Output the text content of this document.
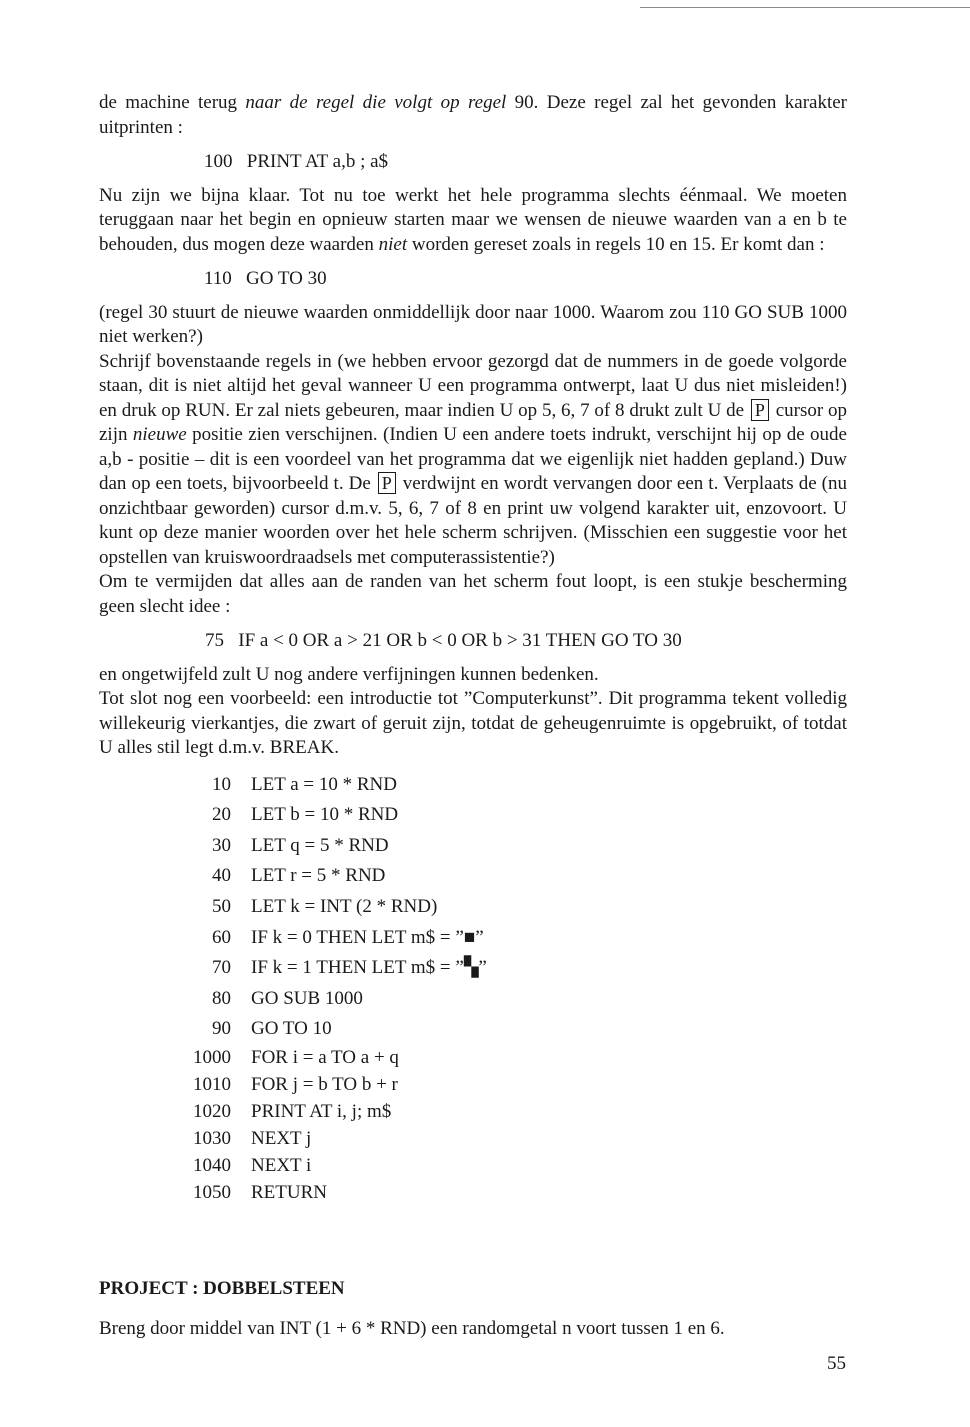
de machine terug naar de regel die volgt op regel 90. Deze regel zal het gevonden karakter uitprinten :

100   PRINT AT a,b ; a$

Nu zijn we bijna klaar. Tot nu toe werkt het hele programma slechts éénmaal. We moeten teruggaan naar het begin en opnieuw starten maar we wensen de nieuwe waarden van a en b te behouden, dus mogen deze waarden niet worden gereset zoals in regels 10 en 15. Er komt dan :

110   GO TO 30

(regel 30 stuurt de nieuwe waarden onmiddellijk door naar 1000. Waarom zou 110 GO SUB 1000 niet werken?)

Schrijf bovenstaande regels in (we hebben ervoor gezorgd dat de nummers in de goede volgorde staan, dit is niet altijd het geval wanneer U een programma ontwerpt, laat U dus niet misleiden!) en druk op RUN. Er zal niets gebeuren, maar indien U op 5, 6, 7 of 8 drukt zult U de P cursor op zijn nieuwe positie zien verschijnen. (Indien U een andere toets indrukt, verschijnt hij op de oude a,b - positie – dit is een voordeel van het programma dat we eigenlijk niet hadden gepland.) Duw dan op een toets, bijvoorbeeld t. De P verdwijnt en wordt vervangen door een t. Verplaats de (nu onzichtbaar geworden) cursor d.m.v. 5, 6, 7 of 8 en print uw volgend karakter uit, enzovoort. U kunt op deze manier woorden over het hele scherm schrijven. (Misschien een suggestie voor het opstellen van kruiswoordraadsels met computerassistentie?)

Om te vermijden dat alles aan de randen van het scherm fout loopt, is een stukje bescherming geen slecht idee :

75   IF a < 0 OR a > 21 OR b < 0 OR b > 31 THEN GO TO 30

en ongetwijfeld zult U nog andere verfijningen kunnen bedenken.

Tot slot nog een voorbeeld: een introductie tot ”Computerkunst”. Dit programma tekent volledig willekeurig vierkantjes, die zwart of geruit zijn, totdat de geheugenruimte is opgebruikt, of totdat U alles stil legt d.m.v. BREAK.

10	LET a = 10 * RND
20	LET b = 10 * RND
30	LET q = 5 * RND
40	LET r = 5 * RND
50	LET k = INT (2 * RND)
60	IF k = 0 THEN LET m$ = ”■”
70	IF k = 1 THEN LET m$ = ”▚”
80	GO SUB 1000
90	GO TO 10
1000	FOR i = a TO a + q
1010	FOR j = b TO b + r
1020	PRINT AT i, j; m$
1030	NEXT j
1040	NEXT i
1050	RETURN
PROJECT : DOBBELSTEEN
Breng door middel van INT (1 + 6 * RND) een randomgetal n voort tussen 1 en 6.
55
